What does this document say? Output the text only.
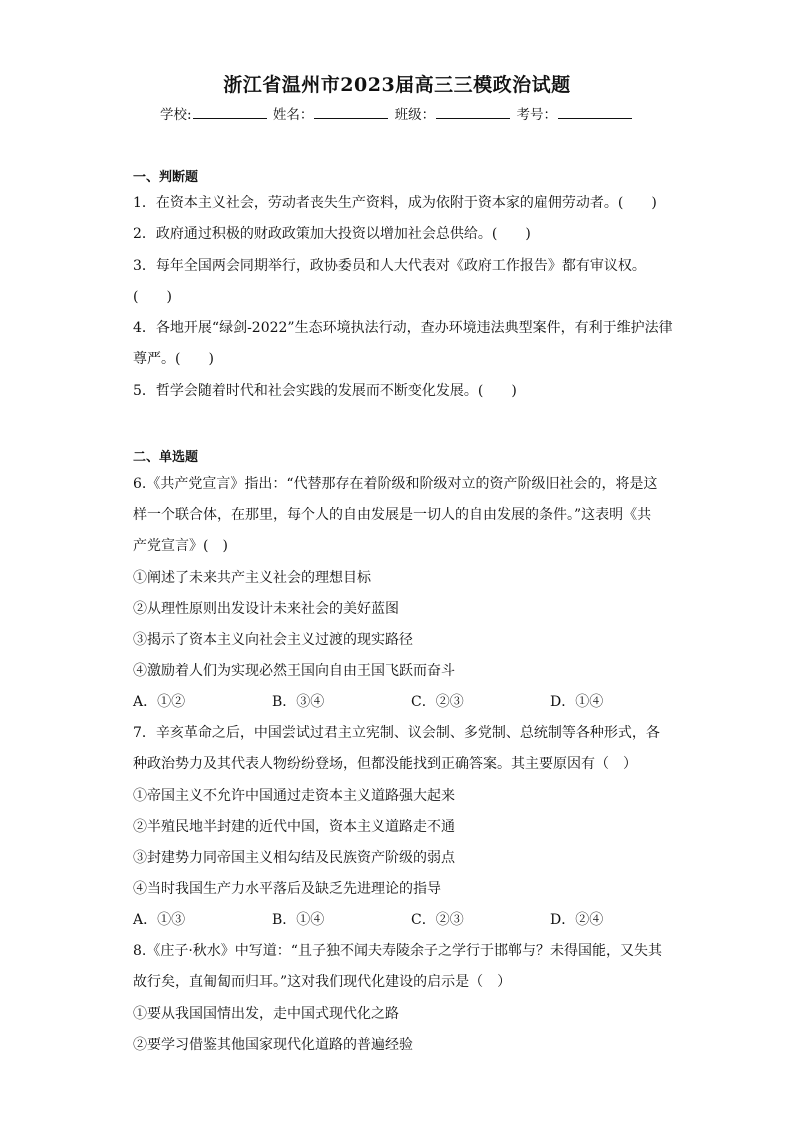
浙江省温州市2023届高三三模政治试题
学校:	姓名：	班级：	考号：
一、判断题
1．在资本主义社会，劳动者丧失生产资料，成为依附于资本家的雇佣劳动者。(　　)
2．政府通过积极的财政政策加大投资以增加社会总供给。(　　)
3．每年全国两会同期举行，政协委员和人大代表对《政府工作报告》都有审议权。
(　　)
4．各地开展“绿剑-2022”生态环境执法行动，查办环境违法典型案件，有利于维护法律
尊严。(　　)
5．哲学会随着时代和社会实践的发展而不断变化发展。(　　)
二、单选题
6.《共产党宣言》指出：“代替那存在着阶级和阶级对立的资产阶级旧社会的，将是这
样一个联合体，在那里，每个人的自由发展是一切人的自由发展的条件。”这表明《共
产党宣言》(　)
①阐述了未来共产主义社会的理想目标
②从理性原则出发设计未来社会的美好蓝图
③揭示了资本主义向社会主义过渡的现实路径
④激励着人们为实现必然王国向自由王国飞跃而奋斗
A．①②	B．③④	C．②③	D．①④
7．辛亥革命之后，中国尝试过君主立宪制、议会制、多党制、总统制等各种形式，各
种政治势力及其代表人物纷纷登场，但都没能找到正确答案。其主要原因有（　）
①帝国主义不允许中国通过走资本主义道路强大起来
②半殖民地半封建的近代中国，资本主义道路走不通
③封建势力同帝国主义相勾结及民族资产阶级的弱点
④当时我国生产力水平落后及缺乏先进理论的指导
A．①③	B．①④	C．②③	D．②④
8.《庄子·秋水》中写道：“且子独不闻夫寿陵余子之学行于邯郸与？未得国能，又失其
故行矣，直匍匐而归耳。”这对我们现代化建设的启示是（　）
①要从我国国情出发，走中国式现代化之路
②要学习借鉴其他国家现代化道路的普遍经验
